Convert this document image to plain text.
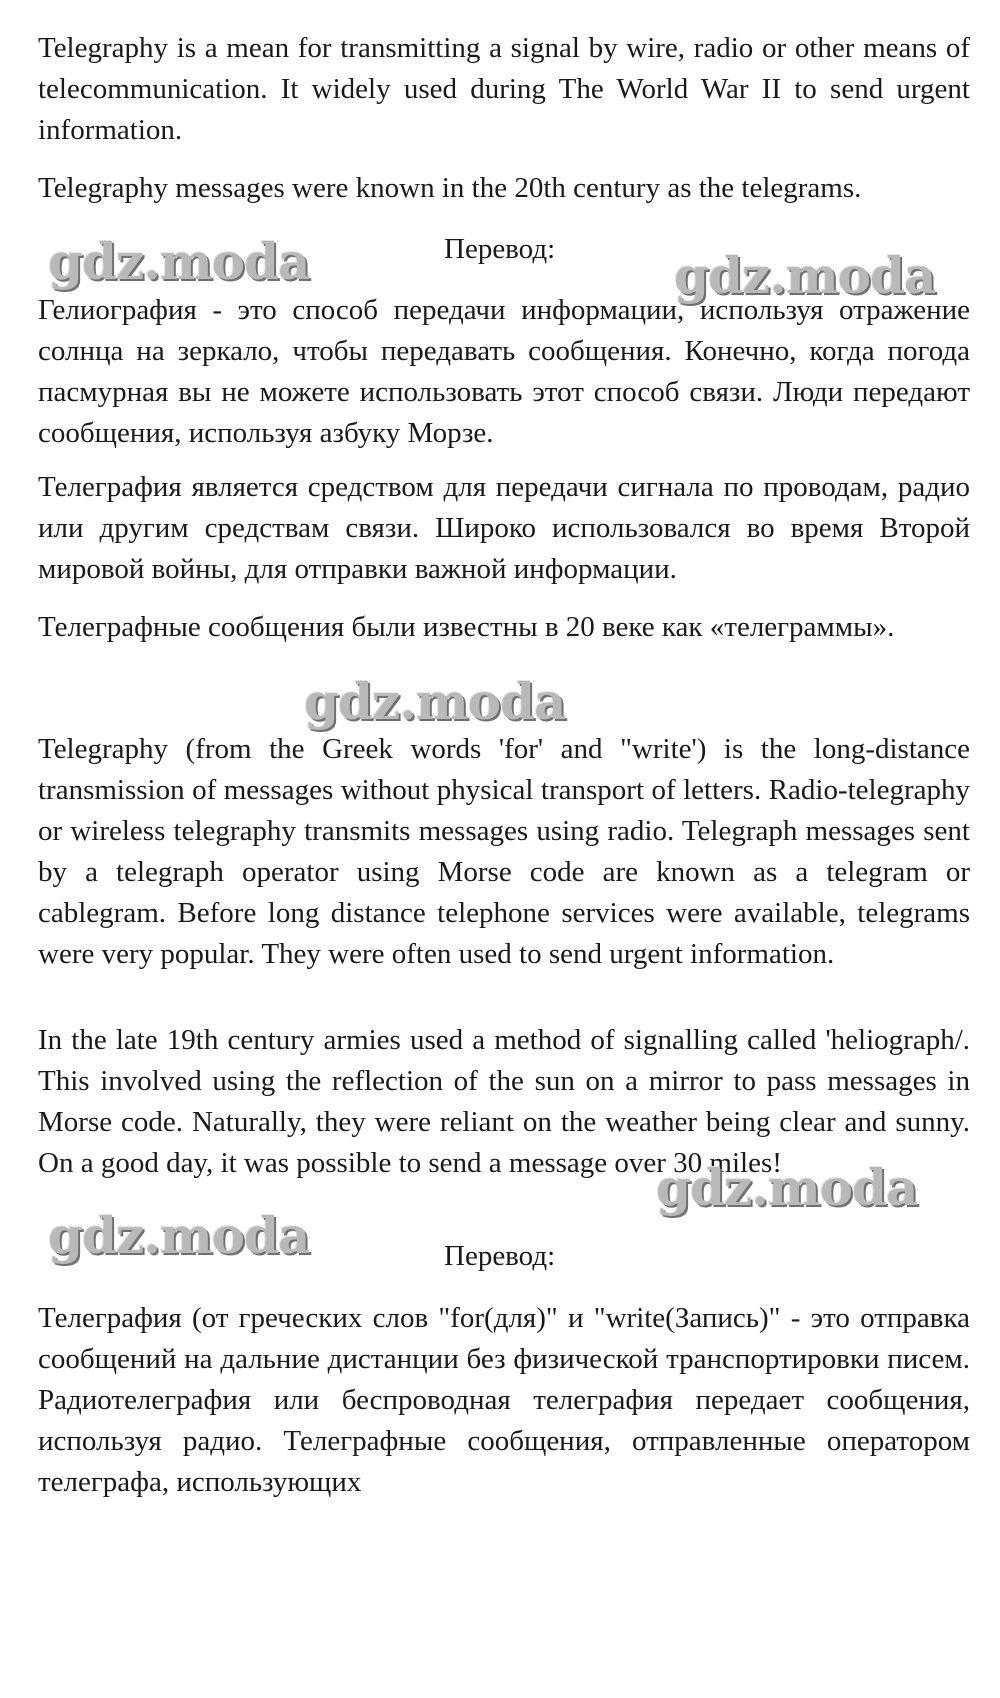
Telegraphy is a mean for transmitting a signal by wire, radio or other means of telecommunication. It widely used during The World War II to send urgent information.

Telegraphy messages were known in the 20th century as the telegrams.

Перевод:

Гелиография - это способ передачи информации, используя отражение солнца на зеркало, чтобы передавать сообщения. Конечно, когда погода пасмурная вы не можете использовать этот способ связи. Люди передают сообщения, используя азбуку Морзе.

Телеграфия является средством для передачи сигнала по проводам, радио или другим средствам связи. Широко использовался во время Второй мировой войны, для отправки важной информации.

Телеграфные сообщения были известны в 20 веке как «телеграммы».

Telegraphy (from the Greek words 'for' and "write') is the long-distance transmission of messages without physical transport of letters. Radio-telegraphy or wireless telegraphy transmits messages using radio. Telegraph messages sent by a telegraph operator using Morse code are known as a telegram or cablegram. Before long distance telephone services were available, telegrams were very popular. They were often used to send urgent information.

In the late 19th century armies used a method of signalling called 'heliograph/. This involved using the reflection of the sun on a mirror to pass messages in Morse code. Naturally, they were reliant on the weather being clear and sunny. On a good day, it was possible to send a message over 30 miles!

Перевод:

Телеграфия (от греческих слов "for(для)" и "write(Запись)" - это отправка сообщений на дальние дистанции без физической транспортировки писем. Радиотелеграфия или беспроводная телеграфия передает сообщения, используя радио. Телеграфные сообщения, отправленные оператором телеграфа, использующих

gdz.moda	gdz.moda
gdz.moda
gdz.moda
gdz.moda
